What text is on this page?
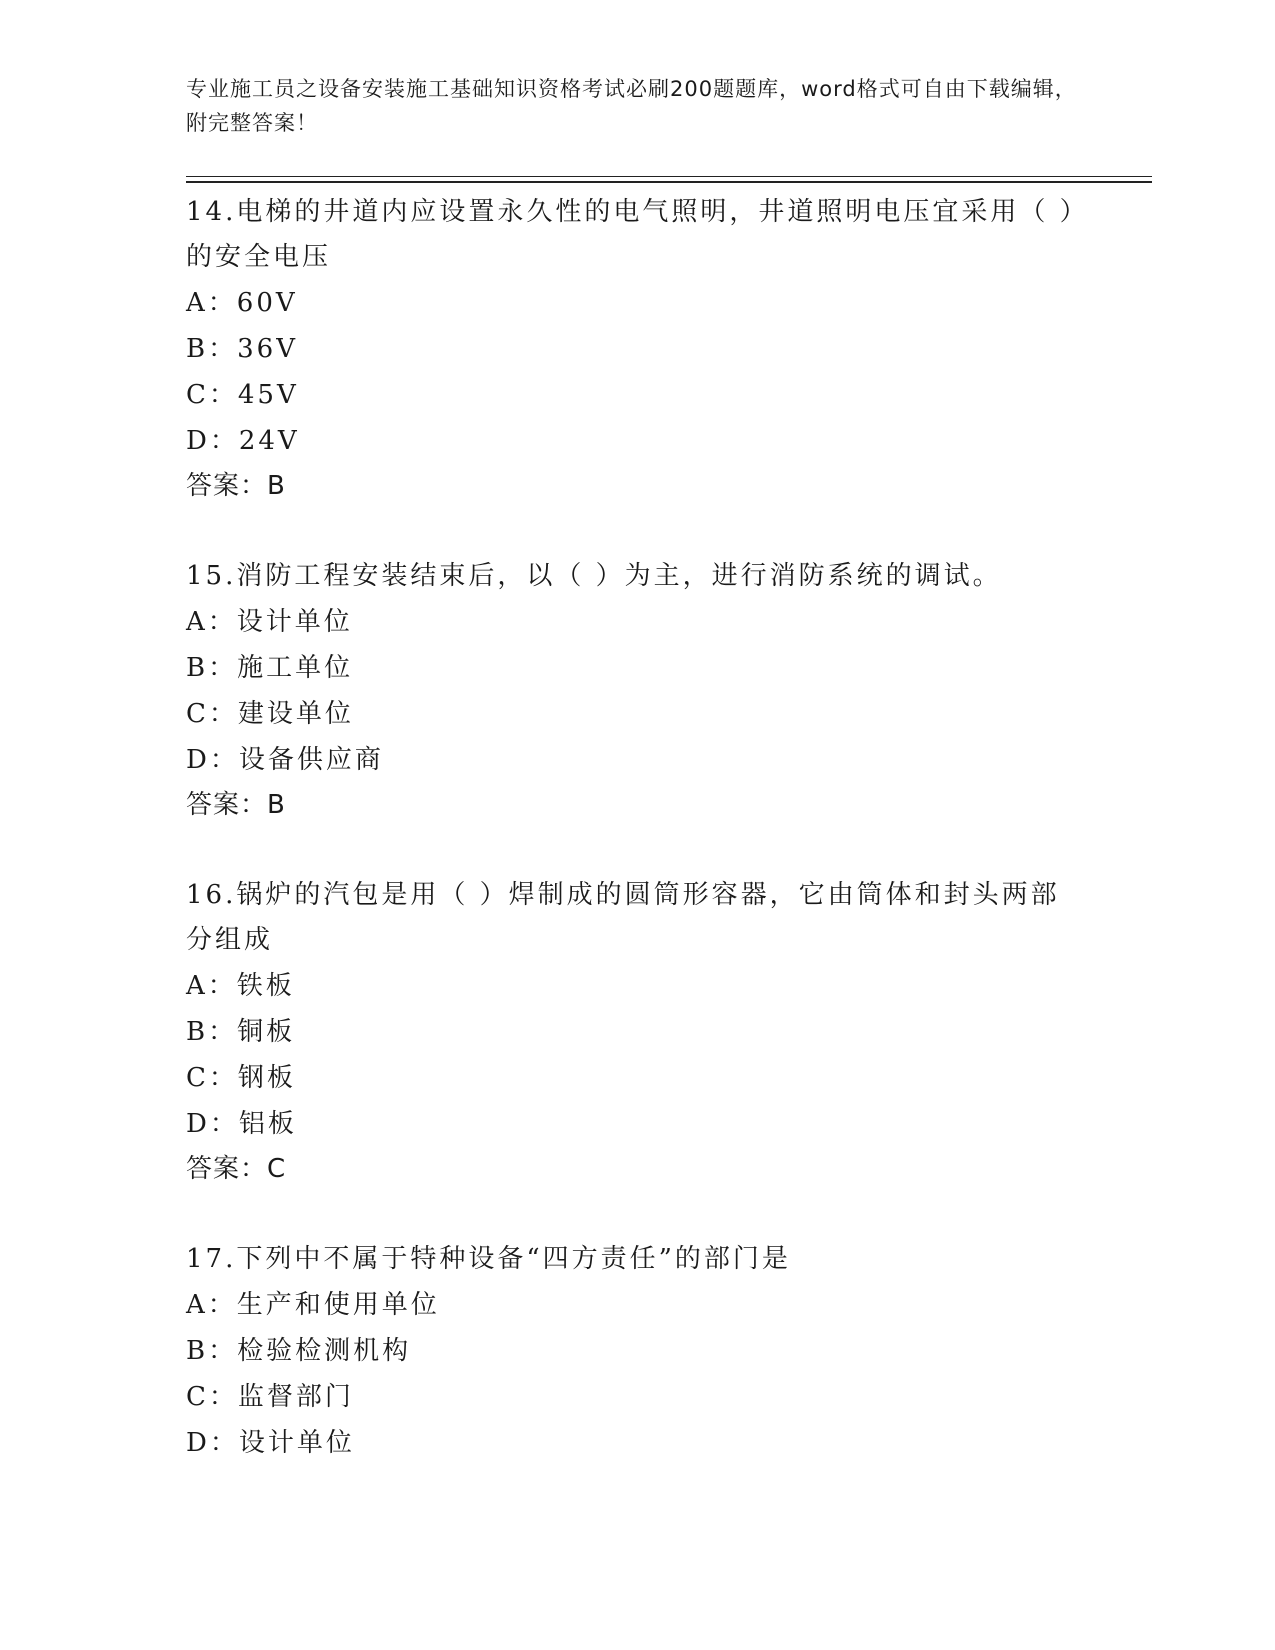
专业施工员之设备安装施工基础知识资格考试必刷200题题库，word格式可自由下载编辑，附完整答案！
14.电梯的井道内应设置永久性的电气照明，井道照明电压宜采用（ ）的安全电压
A：60V
B：36V
C：45V
D：24V
答案：B
15.消防工程安装结束后，以（ ）为主，进行消防系统的调试。
A：设计单位
B：施工单位
C：建设单位
D：设备供应商
答案：B
16.锅炉的汽包是用（ ）焊制成的圆筒形容器，它由筒体和封头两部分组成
A：铁板
B：铜板
C：钢板
D：铝板
答案：C
17.下列中不属于特种设备“四方责任”的部门是
A：生产和使用单位
B：检验检测机构
C：监督部门
D：设计单位
